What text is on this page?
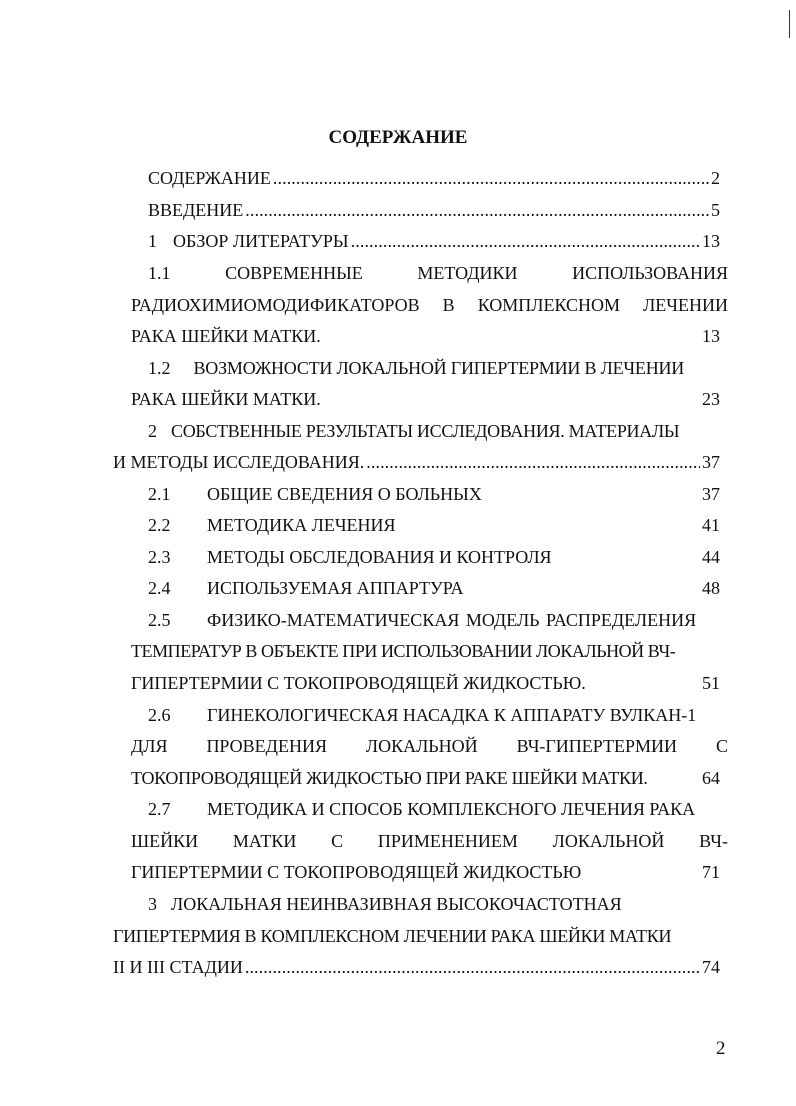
СОДЕРЖАНИЕ
СОДЕРЖАНИЕ . . .	2
ВВЕДЕНИЕ . . .	5
1 ОБЗОР ЛИТЕРАТУРЫ . . .	13
1.1	СОВРЕМЕННЫЕ	МЕТОДИКИ	ИСПОЛЬЗОВАНИЯ
РАДИОХИМИОМОДИФИКАТОРОВ В КОМПЛЕКСНОМ ЛЕЧЕНИИ
РАКА ШЕЙКИ МАТКИ.	13
1.2 ВОЗМОЖНОСТИ ЛОКАЛЬНОЙ ГИПЕРТЕРМИИ В ЛЕЧЕНИИ
РАКА ШЕЙКИ МАТКИ.	23
2 СОБСТВЕННЫЕ РЕЗУЛЬТАТЫ ИССЛЕДОВАНИЯ. МАТЕРИАЛЫ
И МЕТОДЫ ИССЛЕДОВАНИЯ. . . .	37
2.1	ОБЩИЕ СВЕДЕНИЯ О БОЛЬНЫХ	37
2.2	МЕТОДИКА ЛЕЧЕНИЯ	41
2.3	МЕТОДЫ ОБСЛЕДОВАНИЯ И КОНТРОЛЯ	44
2.4	ИСПОЛЬЗУЕМАЯ АППАРТУРА	48
2.5	ФИЗИКО-МАТЕМАТИЧЕСКАЯ МОДЕЛЬ РАСПРЕДЕЛЕНИЯ
ТЕМПЕРАТУР В ОБЪЕКТЕ ПРИ ИСПОЛЬЗОВАНИИ ЛОКАЛЬНОЙ ВЧ-
ГИПЕРТЕРМИИ С ТОКОПРОВОДЯЩЕЙ ЖИДКОСТЬЮ.	51
2.6	ГИНЕКОЛОГИЧЕСКАЯ НАСАДКА К АППАРАТУ ВУЛКАН-1
ДЛЯ ПРОВЕДЕНИЯ ЛОКАЛЬНОЙ ВЧ-ГИПЕРТЕРМИИ С
ТОКОПРОВОДЯЩЕЙ ЖИДКОСТЬЮ ПРИ РАКЕ ШЕЙКИ МАТКИ.	64
2.7	МЕТОДИКА И СПОСОБ КОМПЛЕКСНОГО ЛЕЧЕНИЯ РАКА
ШЕЙКИ МАТКИ С ПРИМЕНЕНИЕМ ЛОКАЛЬНОЙ ВЧ-
ГИПЕРТЕРМИИ С ТОКОПРОВОДЯЩЕЙ ЖИДКОСТЬЮ	71
3 ЛОКАЛЬНАЯ НЕИНВАЗИВНАЯ ВЫСОКОЧАСТОТНАЯ
ГИПЕРТЕРМИЯ В КОМПЛЕКСНОМ ЛЕЧЕНИИ РАКА ШЕЙКИ МАТКИ
II И III СТАДИИ . . .	74
2
